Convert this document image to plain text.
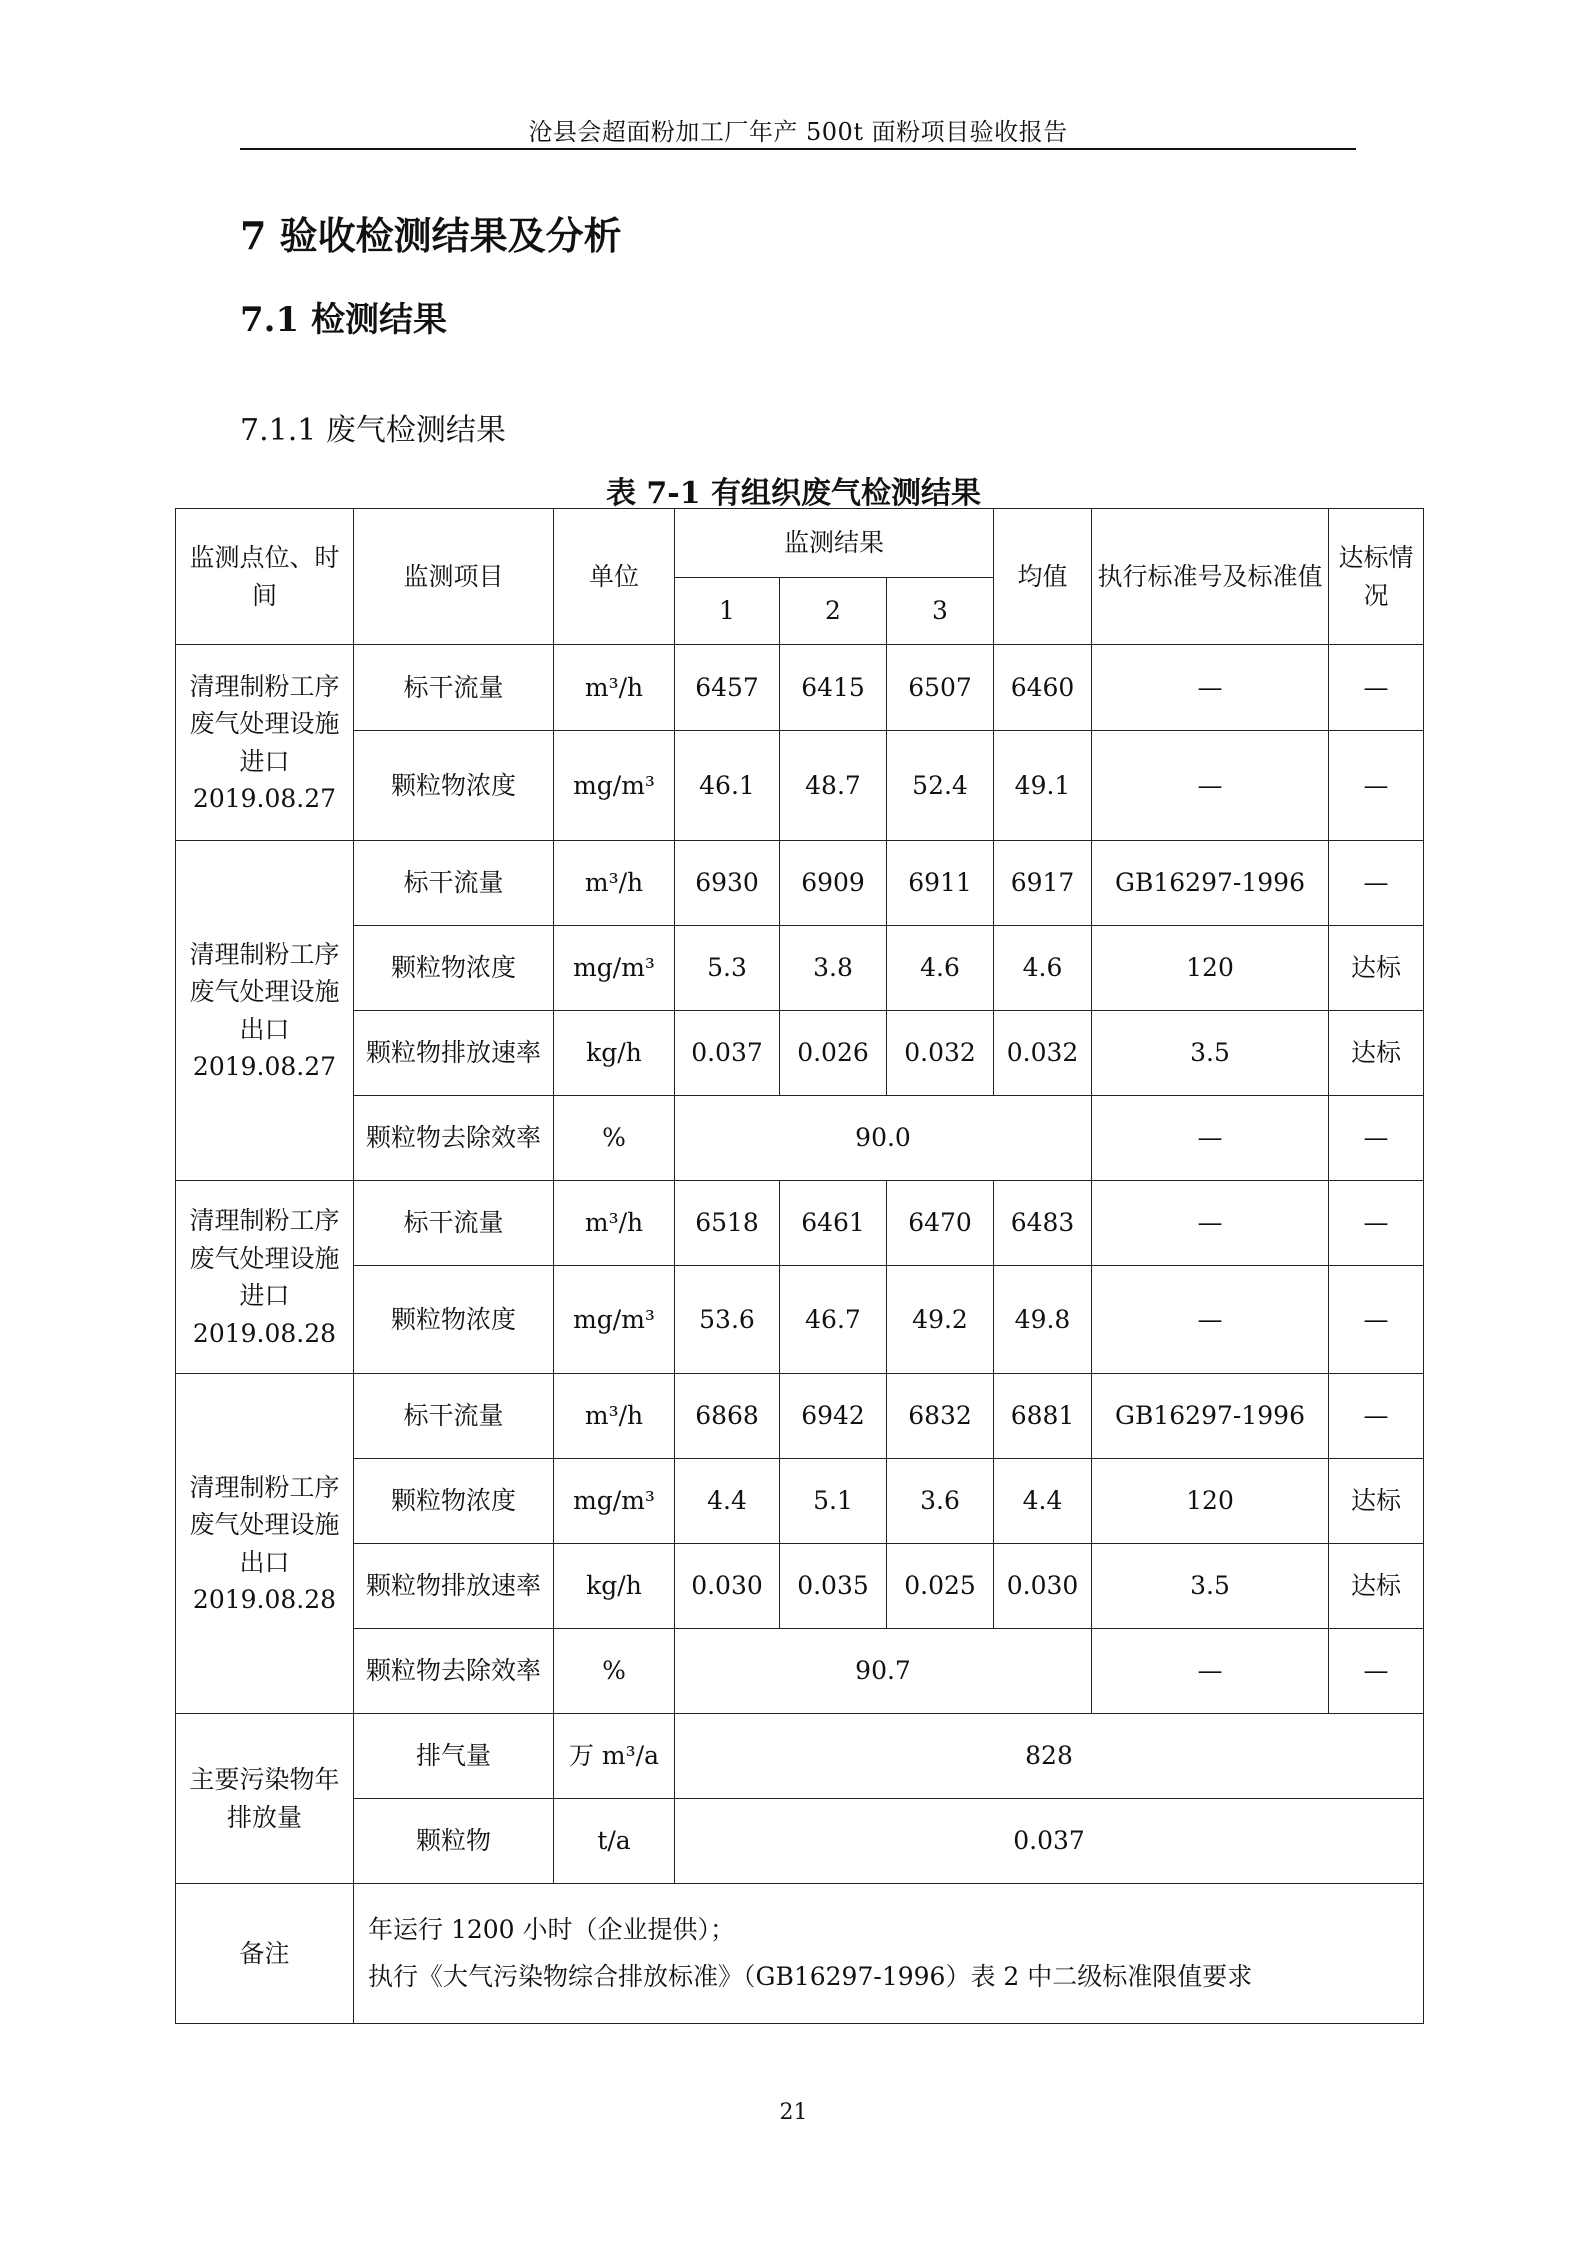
沧县会超面粉加工厂年产 500t 面粉项目验收报告
7 验收检测结果及分析
7.1 检测结果
7.1.1 废气检测结果
表 7-1 有组织废气检测结果
监测点位、时间	监测项目	单位	监测结果			均值	执行标准号及标准值	达标情况
			1	2	3			
清理制粉工序废气处理设施进口2019.08.27	标干流量	m³/h	6457	6415	6507	6460	—	—
	颗粒物浓度	mg/m³	46.1	48.7	52.4	49.1	—	—
清理制粉工序废气处理设施出口2019.08.27	标干流量	m³/h	6930	6909	6911	6917	GB16297-1996	—
	颗粒物浓度	mg/m³	5.3	3.8	4.6	4.6	120	达标
	颗粒物排放速率	kg/h	0.037	0.026	0.032	0.032	3.5	达标
	颗粒物去除效率	%	90.0				—	—
清理制粉工序废气处理设施进口2019.08.28	标干流量	m³/h	6518	6461	6470	6483	—	—
	颗粒物浓度	mg/m³	53.6	46.7	49.2	49.8	—	—
清理制粉工序废气处理设施出口2019.08.28	标干流量	m³/h	6868	6942	6832	6881	GB16297-1996	—
	颗粒物浓度	mg/m³	4.4	5.1	3.6	4.4	120	达标
	颗粒物排放速率	kg/h	0.030	0.035	0.025	0.030	3.5	达标
	颗粒物去除效率	%	90.7				—	—
主要污染物年排放量	排气量	万 m³/a	828					
	颗粒物	t/a	0.037					
备注	年运行 1200 小时（企业提供）；
执行《大气污染物综合排放标准》（GB16297-1996）表 2 中二级标准限值要求							
21
